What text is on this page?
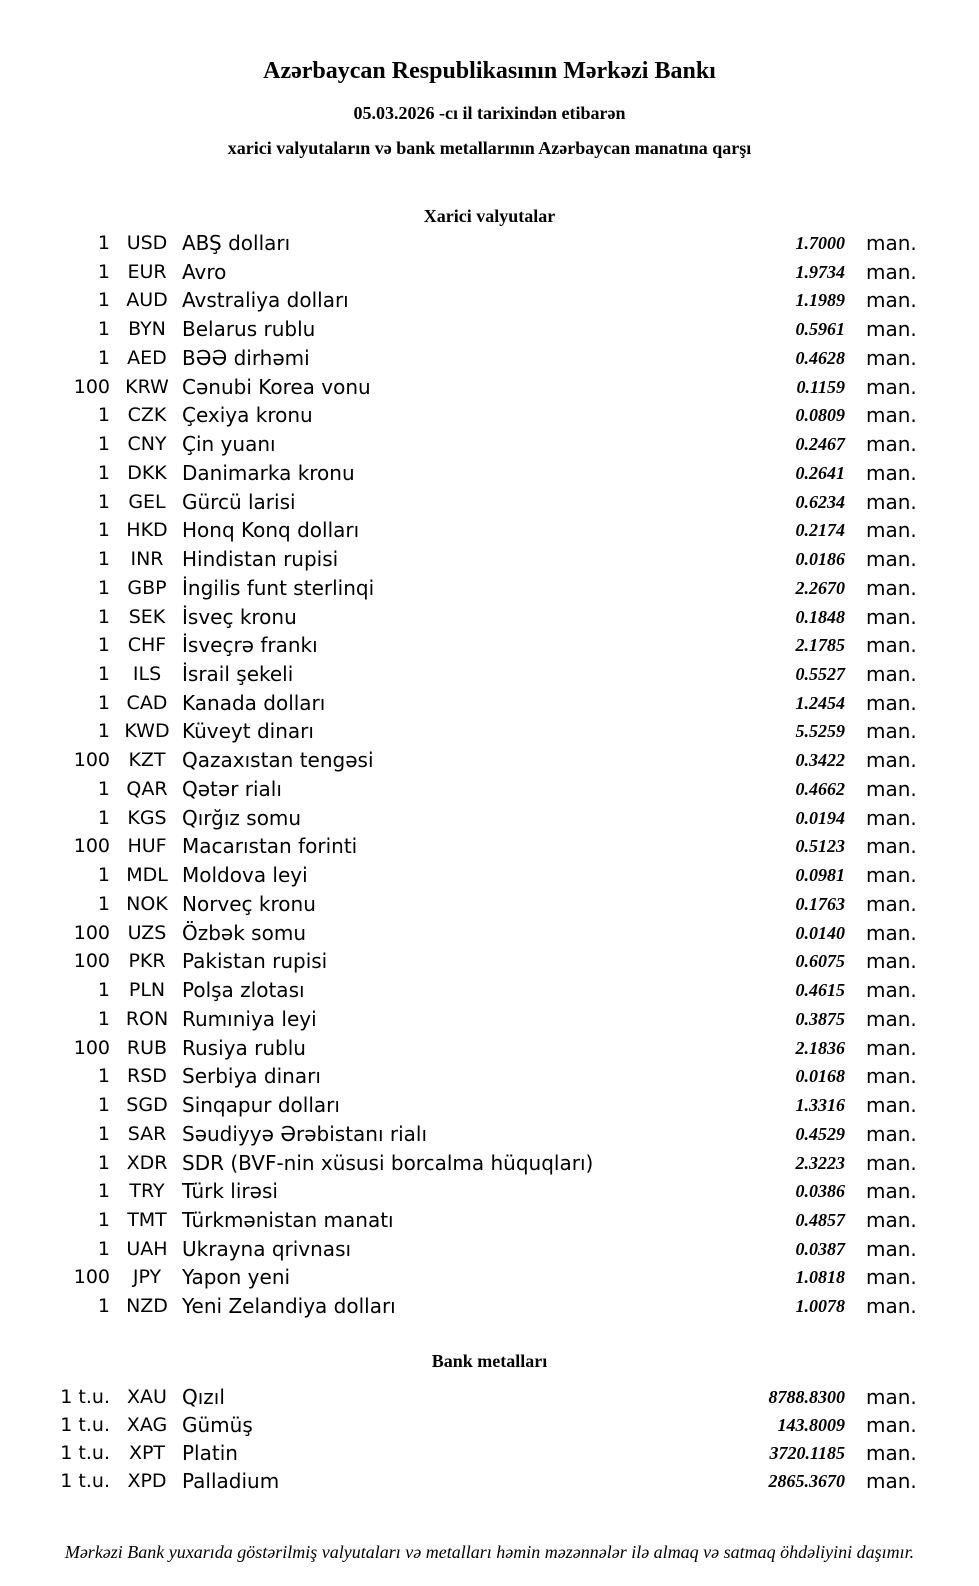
Azərbaycan Respublikasının Mərkəzi Bankı
05.03.2026 -cı il tarixindən etibarən
xarici valyutaların və bank metallarının Azərbaycan manatına qarşı
Xarici valyutalar
1 USD ABŞ dolları	1.7000	man.
1 EUR Avro	1.9734	man.
1 AUD Avstraliya dolları	1.1989	man.
1 BYN Belarus rublu	0.5961	man.
1 AED BƏƏ dirhəmi	0.4628	man.
100 KRW Cənubi Korea vonu	0.1159	man.
1 CZK Çexiya kronu	0.0809	man.
1 CNY Çin yuanı	0.2467	man.
1 DKK Danimarka kronu	0.2641	man.
1 GEL Gürcü larisi	0.6234	man.
1 HKD Honq Konq dolları	0.2174	man.
1	INR Hindistan rupisi	0.0186	man.
1 GBP İngilis funt sterlinqi	2.2670	man.
1 SEK İsveç kronu	0.1848	man.
1 CHF İsveçrə frankı	2.1785	man.
1	ILS	İsrail şekeli	0.5527	man.
1 CAD Kanada dolları	1.2454	man.
1 KWD Küveyt dinarı	5.5259	man.
100 KZT Qazaxıstan tengəsi	0.3422	man.
1 QAR Qətər rialı	0.4662	man.
1 KGS Qırğız somu	0.0194	man.
100 HUF Macarıstan forinti	0.5123	man.
1 MDL Moldova leyi	0.0981	man.
1 NOK Norveç kronu	0.1763	man.
100 UZS Özbək somu	0.0140	man.
100 PKR Pakistan rupisi	0.6075	man.
1 PLN Polşa zlotası	0.4615	man.
1 RON Rumıniya leyi	0.3875	man.
100 RUB Rusiya rublu	2.1836	man.
1 RSD Serbiya dinarı	0.0168	man.
1 SGD Sinqapur dolları	1.3316	man.
1 SAR Səudiyyə Ərəbistanı rialı	0.4529	man.
1 XDR SDR (BVF-nin xüsusi borcalma hüquqları)	2.3223	man.
1	TRY Türk lirəsi	0.0386	man.
1 TMT Türkmənistan manatı	0.4857	man.
1 UAH Ukrayna qrivnası	0.0387	man.
100	JPY	Yapon yeni	1.0818	man.
1 NZD Yeni Zelandiya dolları	1.0078	man.
Bank metalları
1 t.u. XAU Qızıl	8788.8300	man.
1 t.u. XAG Gümüş	143.8009	man.
1 t.u. XPT Platin	3720.1185	man.
1 t.u. XPD Palladium	2865.3670	man.
Mərkəzi Bank yuxarıda göstərilmiş valyutaları və metalları həmin məzənnələr ilə almaq və satmaq öhdəliyini daşımır.
